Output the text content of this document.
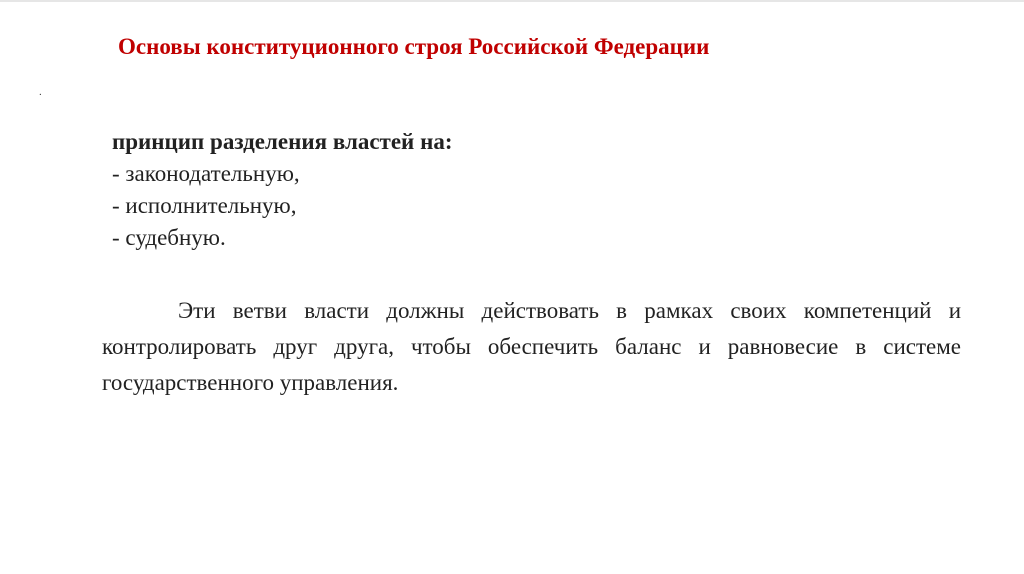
Основы конституционного строя Российской Федерации
.
принцип разделения властей на:
- законодательную,
- исполнительную,
- судебную.

Эти ветви власти должны действовать в рамках своих компетенций и контролировать друг друга, чтобы обеспечить баланс и равновесие в системе государственного управления.
